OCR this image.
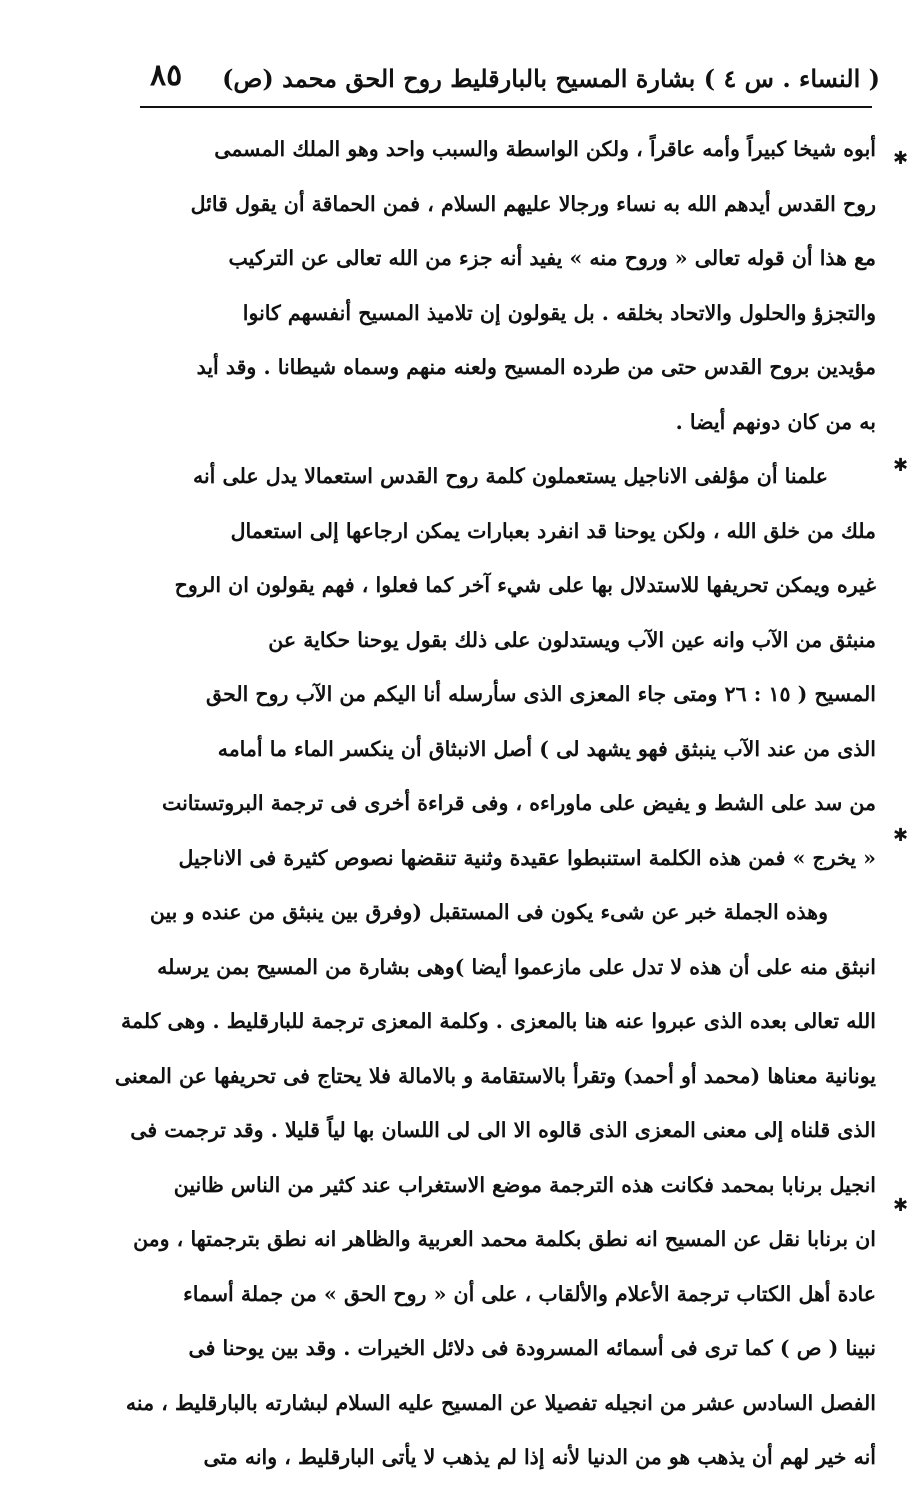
( النساء . س ٤ ) بشارة المسيح بالبارقليط روح الحق محمد (ص)
٨٥
أبوه شيخا كبيراً وأمه عاقراً ، ولكن الواسطة والسبب واحد وهو الملك المسمى
روح القدس أيدهم الله به نساء ورجالا عليهم السلام ، فمن الحماقة أن يقول قائل
مع هذا أن قوله تعالى « وروح منه » يفيد أنه جزء من الله تعالى عن التركيب
والتجزؤ والحلول والاتحاد بخلقه . بل يقولون إن تلاميذ المسيح أنفسهم كانوا
مؤيدين بروح القدس حتى من طرده المسيح ولعنه منهم وسماه شيطانا . وقد أيد
به من كان دونهم أيضا .
علمنا أن مؤلفى الاناجيل يستعملون كلمة روح القدس استعمالا يدل على أنه
ملك من خلق الله ، ولكن يوحنا قد انفرد بعبارات يمكن ارجاعها إلى استعمال
غيره ويمكن تحريفها للاستدلال بها على شيء آخر كما فعلوا ، فهم يقولون ان الروح
منبثق من الآب وانه عين الآب ويستدلون على ذلك بقول يوحنا حكاية عن
المسيح ( ١٥ : ٢٦ ومتى جاء المعزى الذى سأرسله أنا اليكم من الآب روح الحق
الذى من عند الآب ينبثق فهو يشهد لى ) أصل الانبثاق أن ينكسر الماء ما أمامه
من سد على الشط و يفيض على ماوراءه ، وفى قراءة أخرى فى ترجمة البروتستانت
« يخرج » فمن هذه الكلمة استنبطوا عقيدة وثنية تنقضها نصوص كثيرة فى الاناجيل
وهذه الجملة خبر عن شىء يكون فى المستقبل (وفرق بين ينبثق من عنده و بين
انبثق منه على أن هذه لا تدل على مازعموا أيضا )وهى بشارة من المسيح بمن يرسله
الله تعالى بعده الذى عبروا عنه هنا بالمعزى . وكلمة المعزى ترجمة للبارقليط . وهى كلمة
يونانية معناها (محمد أو أحمد) وتقرأ بالاستقامة و بالامالة فلا يحتاج فى تحريفها عن المعنى
الذى قلناه إلى معنى المعزى الذى قالوه الا الى لى اللسان بها لياً قليلا . وقد ترجمت فى
انجيل برنابا بمحمد فكانت هذه الترجمة موضع الاستغراب عند كثير من الناس ظانين
ان برنابا نقل عن المسيح انه نطق بكلمة محمد العربية والظاهر انه نطق بترجمتها ، ومن
عادة أهل الكتاب ترجمة الأعلام والألقاب ، على أن « روح الحق » من جملة أسماء
نبينا ( ص ) كما ترى فى أسمائه المسرودة فى دلائل الخيرات . وقد بين يوحنا فى
الفصل السادس عشر من انجيله تفصيلا عن المسيح عليه السلام لبشارته بالبارقليط ، منه
أنه خير لهم أن يذهب هو من الدنيا لأنه إذا لم يذهب لا يأتى البارقليط ، وانه متى
✱
✱
✱
✱
